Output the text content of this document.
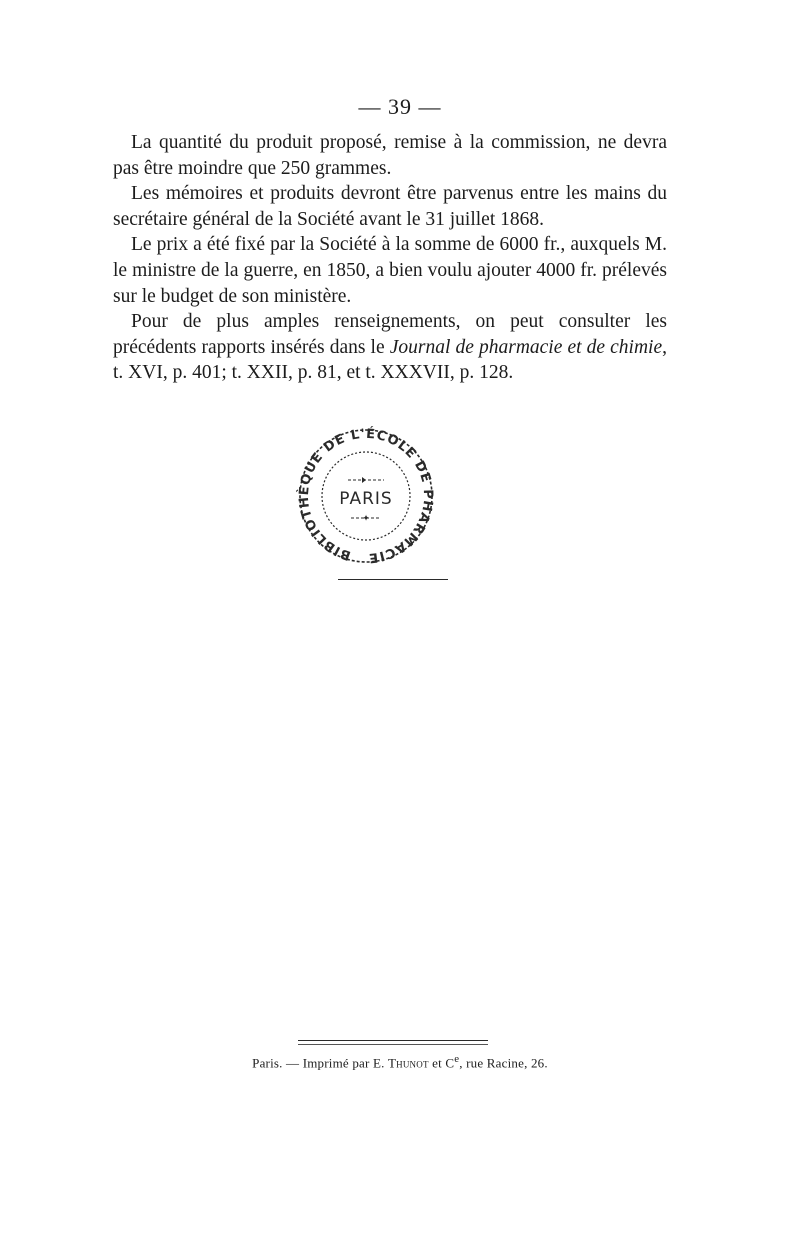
— 39 —

La quantité du produit proposé, remise à la commission, ne devra pas être moindre que 250 grammes.

Les mémoires et produits devront être parvenus entre les mains du secrétaire général de la Société avant le 31 juillet 1868.

Le prix a été fixé par la Société à la somme de 6000 fr., auxquels M. le ministre de la guerre, en 1850, a bien voulu ajouter 4000 fr. prélevés sur le budget de son ministère.

Pour de plus amples renseignements, on peut consulter les précédents rapports insérés dans le Journal de pharmacie et de chimie, t. XVI, p. 401; t. XXII, p. 81, et t. XXXVII, p. 128.

BIBLIOTHÈQUE DE L'ÉCOLE DE PHARMACIE
PARIS
✦
Paris. — Imprimé par E. Thunot et Ce, rue Racine, 26.
